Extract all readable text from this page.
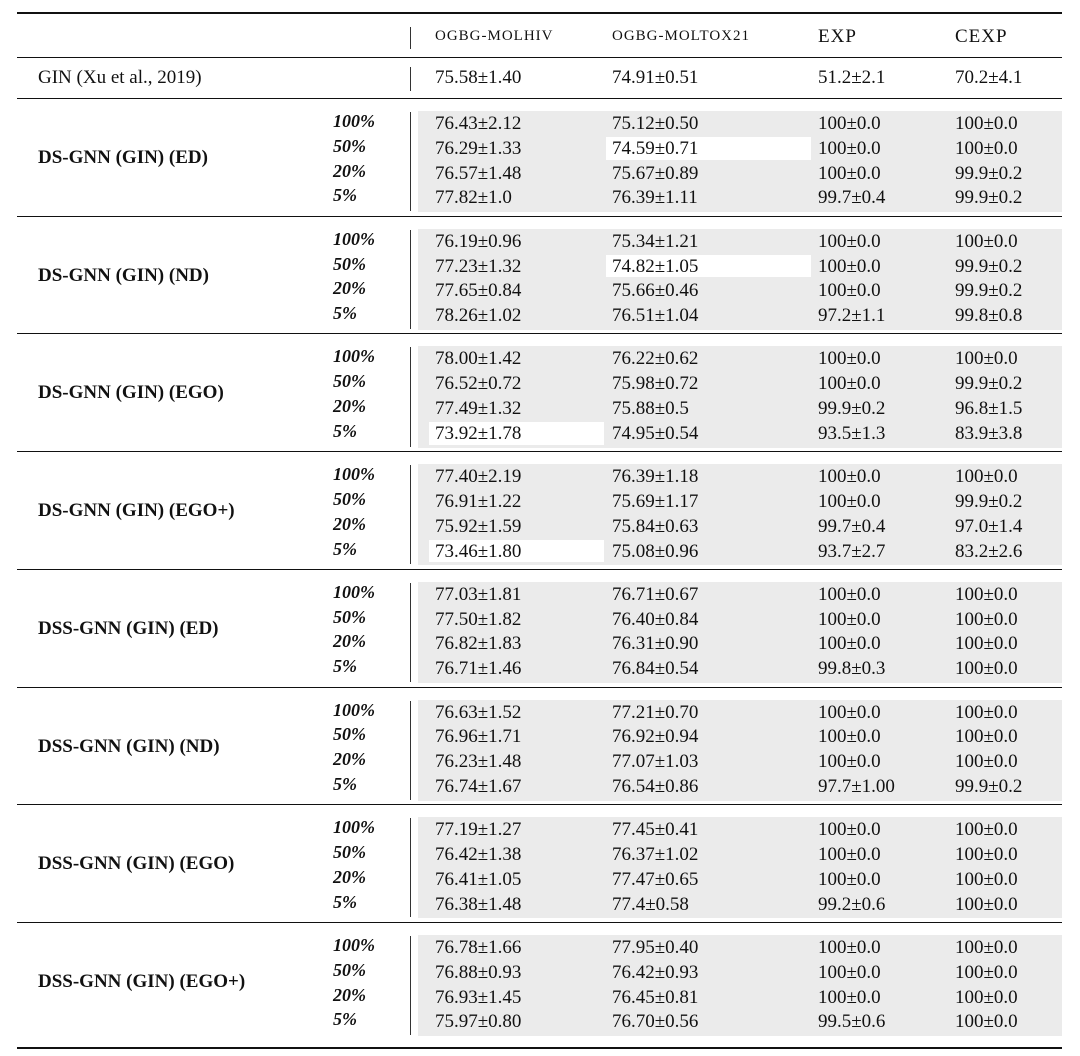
OGBG-MOLHIV	OGBG-MOLTOX21	EXP	CEXP
GIN (Xu et al., 2019)	75.58±1.40	74.91±0.51	51.2±2.1	70.2±4.1
DS-GNN (GIN) (ED)
100%	76.43±2.12	75.12±0.50	100±0.0	100±0.0
50%	76.29±1.33	74.59±0.71	100±0.0	100±0.0
20%	76.57±1.48	75.67±0.89	100±0.0	99.9±0.2
5%	77.82±1.0	76.39±1.11	99.7±0.4	99.9±0.2
DS-GNN (GIN) (ND)
100%	76.19±0.96	75.34±1.21	100±0.0	100±0.0
50%	77.23±1.32	74.82±1.05	100±0.0	99.9±0.2
20%	77.65±0.84	75.66±0.46	100±0.0	99.9±0.2
5%	78.26±1.02	76.51±1.04	97.2±1.1	99.8±0.8
DS-GNN (GIN) (EGO)
100%	78.00±1.42	76.22±0.62	100±0.0	100±0.0
50%	76.52±0.72	75.98±0.72	100±0.0	99.9±0.2
20%	77.49±1.32	75.88±0.5	99.9±0.2	96.8±1.5
5%	73.92±1.78	74.95±0.54	93.5±1.3	83.9±3.8
DS-GNN (GIN) (EGO+)
100%	77.40±2.19	76.39±1.18	100±0.0	100±0.0
50%	76.91±1.22	75.69±1.17	100±0.0	99.9±0.2
20%	75.92±1.59	75.84±0.63	99.7±0.4	97.0±1.4
5%	73.46±1.80	75.08±0.96	93.7±2.7	83.2±2.6
DSS-GNN (GIN) (ED)
100%	77.03±1.81	76.71±0.67	100±0.0	100±0.0
50%	77.50±1.82	76.40±0.84	100±0.0	100±0.0
20%	76.82±1.83	76.31±0.90	100±0.0	100±0.0
5%	76.71±1.46	76.84±0.54	99.8±0.3	100±0.0
DSS-GNN (GIN) (ND)
100%	76.63±1.52	77.21±0.70	100±0.0	100±0.0
50%	76.96±1.71	76.92±0.94	100±0.0	100±0.0
20%	76.23±1.48	77.07±1.03	100±0.0	100±0.0
5%	76.74±1.67	76.54±0.86	97.7±1.00	99.9±0.2
DSS-GNN (GIN) (EGO)
100%	77.19±1.27	77.45±0.41	100±0.0	100±0.0
50%	76.42±1.38	76.37±1.02	100±0.0	100±0.0
20%	76.41±1.05	77.47±0.65	100±0.0	100±0.0
5%	76.38±1.48	77.4±0.58	99.2±0.6	100±0.0
DSS-GNN (GIN) (EGO+)
100%	76.78±1.66	77.95±0.40	100±0.0	100±0.0
50%	76.88±0.93	76.42±0.93	100±0.0	100±0.0
20%	76.93±1.45	76.45±0.81	100±0.0	100±0.0
5%	75.97±0.80	76.70±0.56	99.5±0.6	100±0.0
